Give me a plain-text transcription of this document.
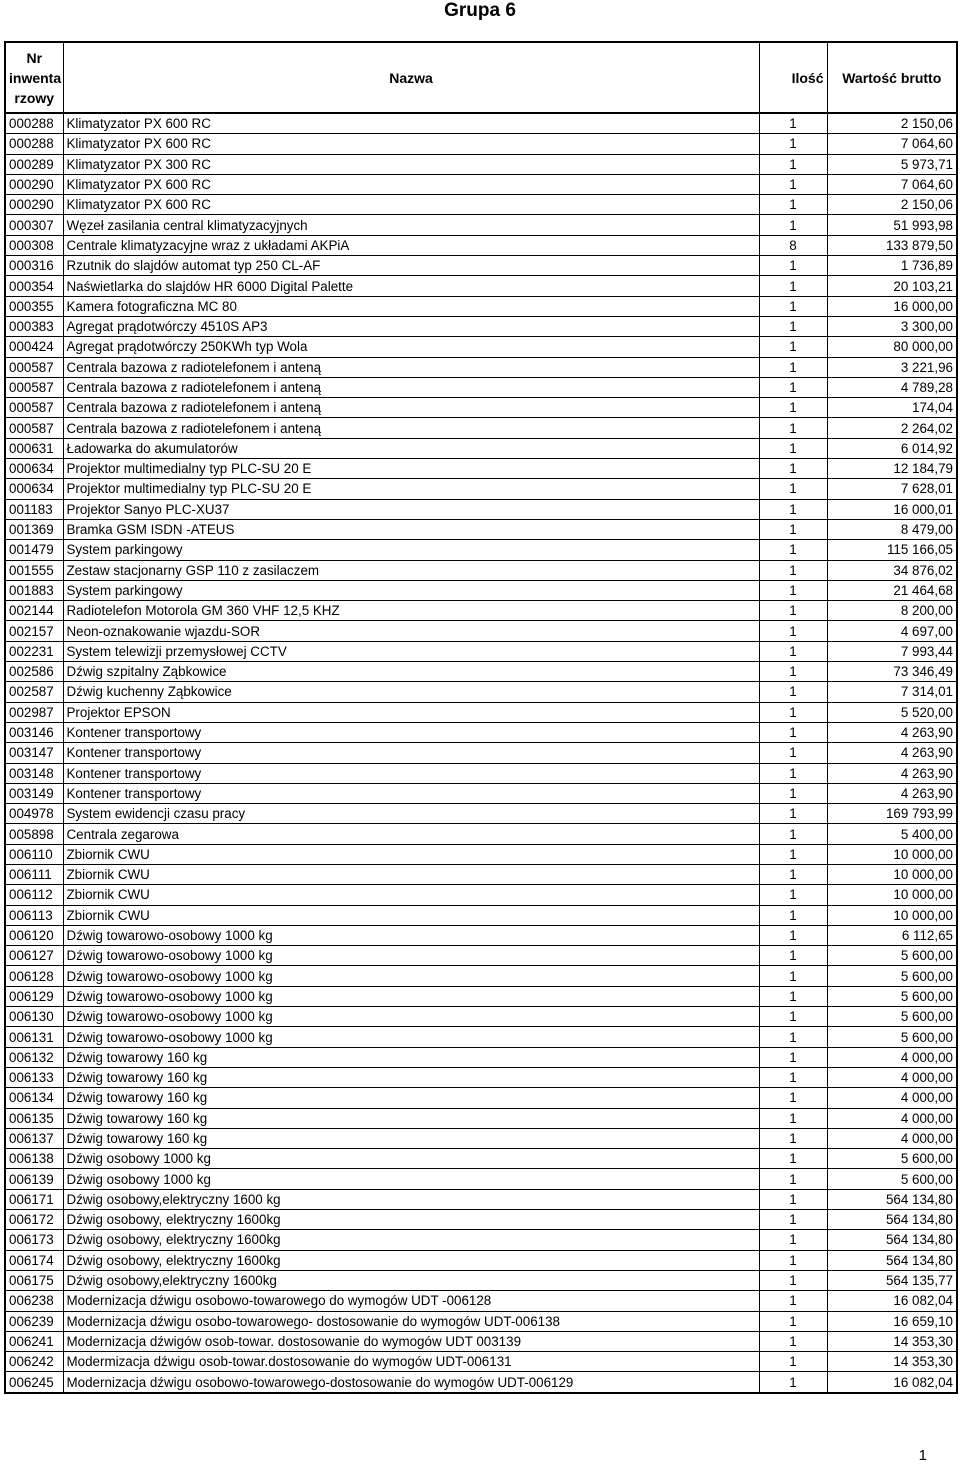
Grupa 6
Nr
inwenta
rzowy	Nazwa	Ilość	Wartość brutto
000288	Klimatyzator PX 600 RC	1	2 150,06
000288	Klimatyzator PX 600 RC	1	7 064,60
000289	Klimatyzator PX 300 RC	1	5 973,71
000290	Klimatyzator PX 600 RC	1	7 064,60
000290	Klimatyzator PX 600 RC	1	2 150,06
000307	Węzeł zasilania central klimatyzacyjnych	1	51 993,98
000308	Centrale klimatyzacyjne wraz z układami AKPiA	8	133 879,50
000316	Rzutnik do slajdów automat typ 250 CL-AF	1	1 736,89
000354	Naświetlarka do slajdów HR 6000 Digital Palette	1	20 103,21
000355	Kamera fotograficzna MC 80	1	16 000,00
000383	Agregat prądotwórczy 4510S AP3	1	3 300,00
000424	Agregat prądotwórczy 250KWh typ Wola	1	80 000,00
000587	Centrala bazowa z radiotelefonem i anteną	1	3 221,96
000587	Centrala bazowa z radiotelefonem i anteną	1	4 789,28
000587	Centrala bazowa z radiotelefonem i anteną	1	174,04
000587	Centrala bazowa z radiotelefonem i anteną	1	2 264,02
000631	Ładowarka do akumulatorów	1	6 014,92
000634	Projektor multimedialny typ PLC-SU 20 E	1	12 184,79
000634	Projektor multimedialny typ PLC-SU 20 E	1	7 628,01
001183	Projektor Sanyo PLC-XU37	1	16 000,01
001369	Bramka GSM ISDN -ATEUS	1	8 479,00
001479	System parkingowy	1	115 166,05
001555	Zestaw stacjonarny GSP 110 z zasilaczem	1	34 876,02
001883	System parkingowy	1	21 464,68
002144	Radiotelefon Motorola GM 360 VHF 12,5 KHZ	1	8 200,00
002157	Neon-oznakowanie wjazdu-SOR	1	4 697,00
002231	System telewizji przemysłowej CCTV	1	7 993,44
002586	Dźwig szpitalny Ząbkowice	1	73 346,49
002587	Dźwig kuchenny Ząbkowice	1	7 314,01
002987	Projektor EPSON	1	5 520,00
003146	Kontener transportowy	1	4 263,90
003147	Kontener transportowy	1	4 263,90
003148	Kontener transportowy	1	4 263,90
003149	Kontener transportowy	1	4 263,90
004978	System ewidencji czasu pracy	1	169 793,99
005898	Centrala zegarowa	1	5 400,00
006110	Zbiornik CWU	1	10 000,00
006111	Zbiornik CWU	1	10 000,00
006112	Zbiornik CWU	1	10 000,00
006113	Zbiornik CWU	1	10 000,00
006120	Dźwig towarowo-osobowy 1000 kg	1	6 112,65
006127	Dźwig towarowo-osobowy 1000 kg	1	5 600,00
006128	Dźwig towarowo-osobowy 1000 kg	1	5 600,00
006129	Dźwig towarowo-osobowy 1000 kg	1	5 600,00
006130	Dźwig towarowo-osobowy 1000 kg	1	5 600,00
006131	Dźwig towarowo-osobowy 1000 kg	1	5 600,00
006132	Dźwig towarowy 160 kg	1	4 000,00
006133	Dźwig towarowy 160 kg	1	4 000,00
006134	Dźwig towarowy 160 kg	1	4 000,00
006135	Dźwig towarowy 160 kg	1	4 000,00
006137	Dźwig towarowy 160 kg	1	4 000,00
006138	Dźwig osobowy 1000 kg	1	5 600,00
006139	Dźwig osobowy 1000 kg	1	5 600,00
006171	Dźwig osobowy,elektryczny 1600 kg	1	564 134,80
006172	Dźwig osobowy, elektryczny 1600kg	1	564 134,80
006173	Dźwig osobowy, elektryczny 1600kg	1	564 134,80
006174	Dźwig osobowy, elektryczny 1600kg	1	564 134,80
006175	Dźwig osobowy,elektryczny 1600kg	1	564 135,77
006238	Modernizacja dźwigu osobowo-towarowego do wymogów UDT -006128	1	16 082,04
006239	Modernizacja dźwigu osobo-towarowego- dostosowanie do wymogów UDT-006138	1	16 659,10
006241	Modernizacja dźwigów osob-towar. dostosowanie do wymogów UDT 003139	1	14 353,30
006242	Modermizacja dźwigu osob-towar.dostosowanie do wymogów UDT-006131	1	14 353,30
006245	Modernizacja dźwigu osobowo-towarowego-dostosowanie do wymogów UDT-006129	1	16 082,04
1
